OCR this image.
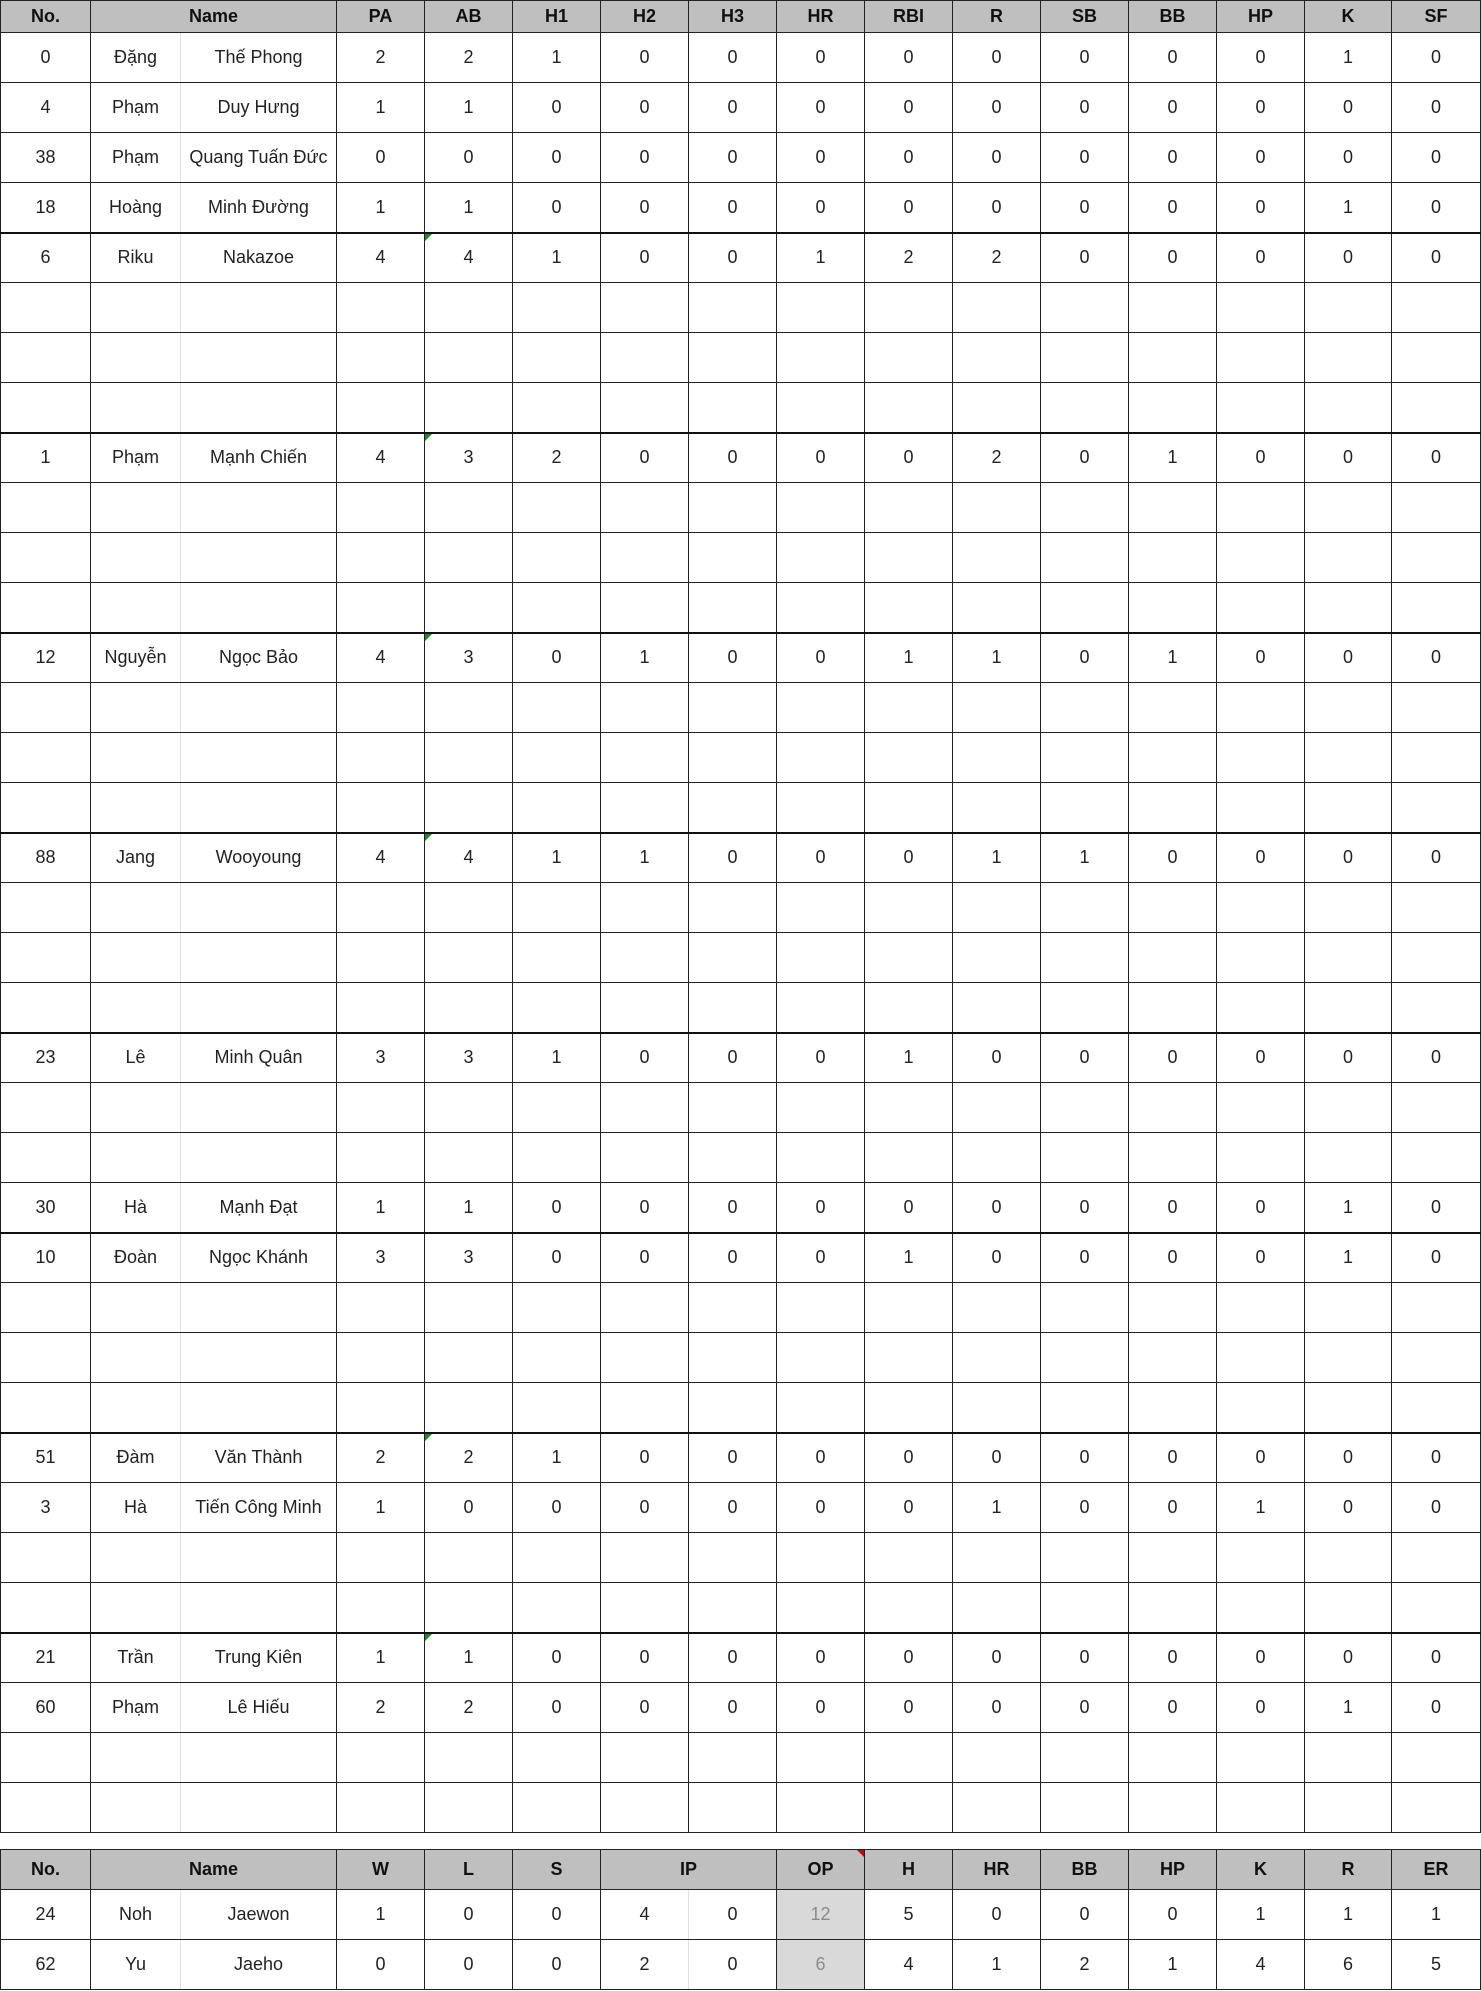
No.	Name		PA	AB	H1	H2	H3	HR	RBI	R	SB	BB	HP	K	SF
0	Đặng	Thế Phong	2	2	1	0	0	0	0	0	0	0	0	1	0
4	Phạm	Duy Hưng	1	1	0	0	0	0	0	0	0	0	0	0	0
38	Phạm	Quang Tuấn Đức	0	0	0	0	0	0	0	0	0	0	0	0	0
18	Hoàng	Minh Đường	1	1	0	0	0	0	0	0	0	0	0	1	0
6	Riku	Nakazoe	4	4	1	0	0	1	2	2	0	0	0	0	0

1	Phạm	Mạnh Chiến	4	3	2	0	0	0	0	2	0	1	0	0	0

12	Nguyễn	Ngọc Bảo	4	3	0	1	0	0	1	1	0	1	0	0	0

88	Jang	Wooyoung	4	4	1	1	0	0	0	1	1	0	0	0	0

23	Lê	Minh Quân	3	3	1	0	0	0	1	0	0	0	0	0	0

30	Hà	Mạnh Đạt	1	1	0	0	0	0	0	0	0	0	0	1	0
10	Đoàn	Ngọc Khánh	3	3	0	0	0	0	1	0	0	0	0	1	0

51	Đàm	Văn Thành	2	2	1	0	0	0	0	0	0	0	0	0	0
3	Hà	Tiến Công Minh	1	0	0	0	0	0	0	1	0	0	1	0	0

21	Trần	Trung Kiên	1	1	0	0	0	0	0	0	0	0	0	0	0
60	Phạm	Lê Hiếu	2	2	0	0	0	0	0	0	0	0	0	1	0

No.	Name		W	L	S	IP		OP	H	HR	BB	HP	K	R	ER
24	Noh	Jaewon	1	0	0	4	0	12	5	0	0	0	1	1	1
62	Yu	Jaeho	0	0	0	2	0	6	4	1	2	1	4	6	5
